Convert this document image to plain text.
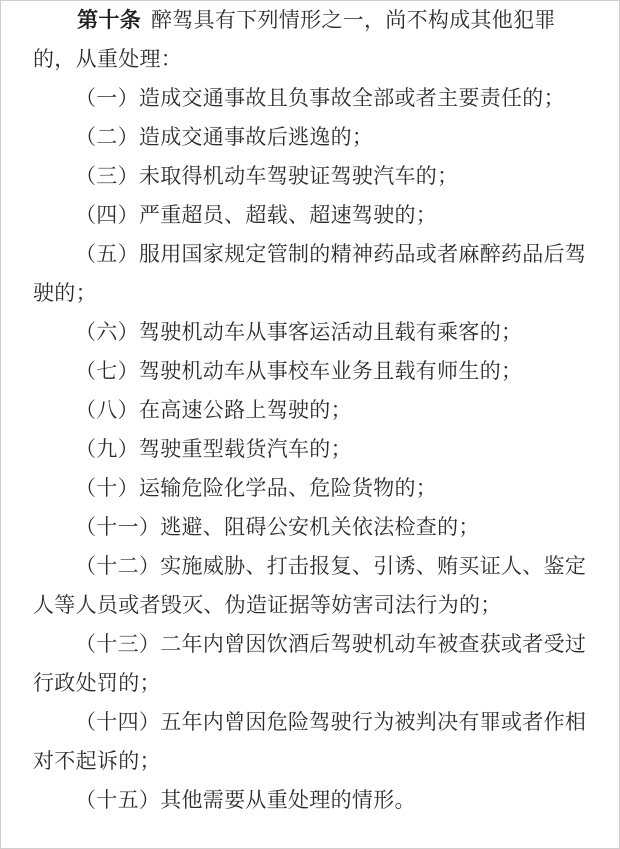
第十条 醉驾具有下列情形之一，尚不构成其他犯罪的，从重处理：

（一）造成交通事故且负事故全部或者主要责任的；

（二）造成交通事故后逃逸的；

（三）未取得机动车驾驶证驾驶汽车的；

（四）严重超员、超载、超速驾驶的；

（五）服用国家规定管制的精神药品或者麻醉药品后驾驶的；

（六）驾驶机动车从事客运活动且载有乘客的；

（七）驾驶机动车从事校车业务且载有师生的；

（八）在高速公路上驾驶的；

（九）驾驶重型载货汽车的；

（十）运输危险化学品、危险货物的；

（十一）逃避、阻碍公安机关依法检查的；

（十二）实施威胁、打击报复、引诱、贿买证人、鉴定人等人员或者毁灭、伪造证据等妨害司法行为的；

（十三）二年内曾因饮酒后驾驶机动车被查获或者受过行政处罚的；

（十四）五年内曾因危险驾驶行为被判决有罪或者作相对不起诉的；

（十五）其他需要从重处理的情形。
